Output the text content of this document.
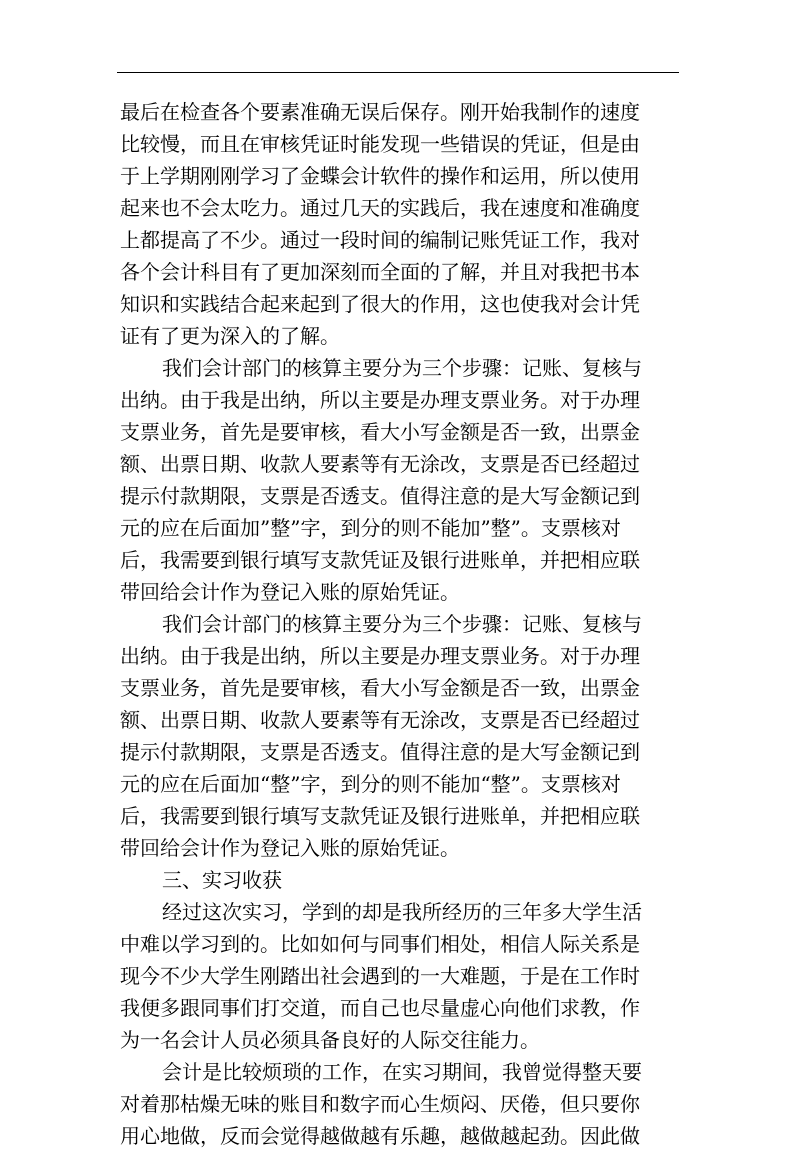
最后在检查各个要素准确无误后保存。刚开始我制作的速度
比较慢，而且在审核凭证时能发现一些错误的凭证，但是由
于上学期刚刚学习了金蝶会计软件的操作和运用，所以使用
起来也不会太吃力。通过几天的实践后，我在速度和准确度
上都提高了不少。通过一段时间的编制记账凭证工作，我对
各个会计科目有了更加深刻而全面的了解，并且对我把书本
知识和实践结合起来起到了很大的作用，这也使我对会计凭
证有了更为深入的了解。
我们会计部门的核算主要分为三个步骤：记账、复核与
出纳。由于我是出纳，所以主要是办理支票业务。对于办理
支票业务，首先是要审核，看大小写金额是否一致，出票金
额、出票日期、收款人要素等有无涂改，支票是否已经超过
提示付款期限，支票是否透支。值得注意的是大写金额记到
元的应在后面加”整”字，到分的则不能加”整”。支票核对
后，我需要到银行填写支款凭证及银行进账单，并把相应联
带回给会计作为登记入账的原始凭证。
我们会计部门的核算主要分为三个步骤：记账、复核与
出纳。由于我是出纳，所以主要是办理支票业务。对于办理
支票业务，首先是要审核，看大小写金额是否一致，出票金
额、出票日期、收款人要素等有无涂改，支票是否已经超过
提示付款期限，支票是否透支。值得注意的是大写金额记到
元的应在后面加“整”字，到分的则不能加“整”。支票核对
后，我需要到银行填写支款凭证及银行进账单，并把相应联
带回给会计作为登记入账的原始凭证。
三、实习收获
经过这次实习，学到的却是我所经历的三年多大学生活
中难以学习到的。比如如何与同事们相处，相信人际关系是
现今不少大学生刚踏出社会遇到的一大难题，于是在工作时
我便多跟同事们打交道，而自己也尽量虚心向他们求教，作
为一名会计人员必须具备良好的人际交往能力。
会计是比较烦琐的工作，在实习期间，我曾觉得整天要
对着那枯燥无味的账目和数字而心生烦闷、厌倦，但只要你
用心地做，反而会觉得越做越有乐趣，越做越起劲。因此做
